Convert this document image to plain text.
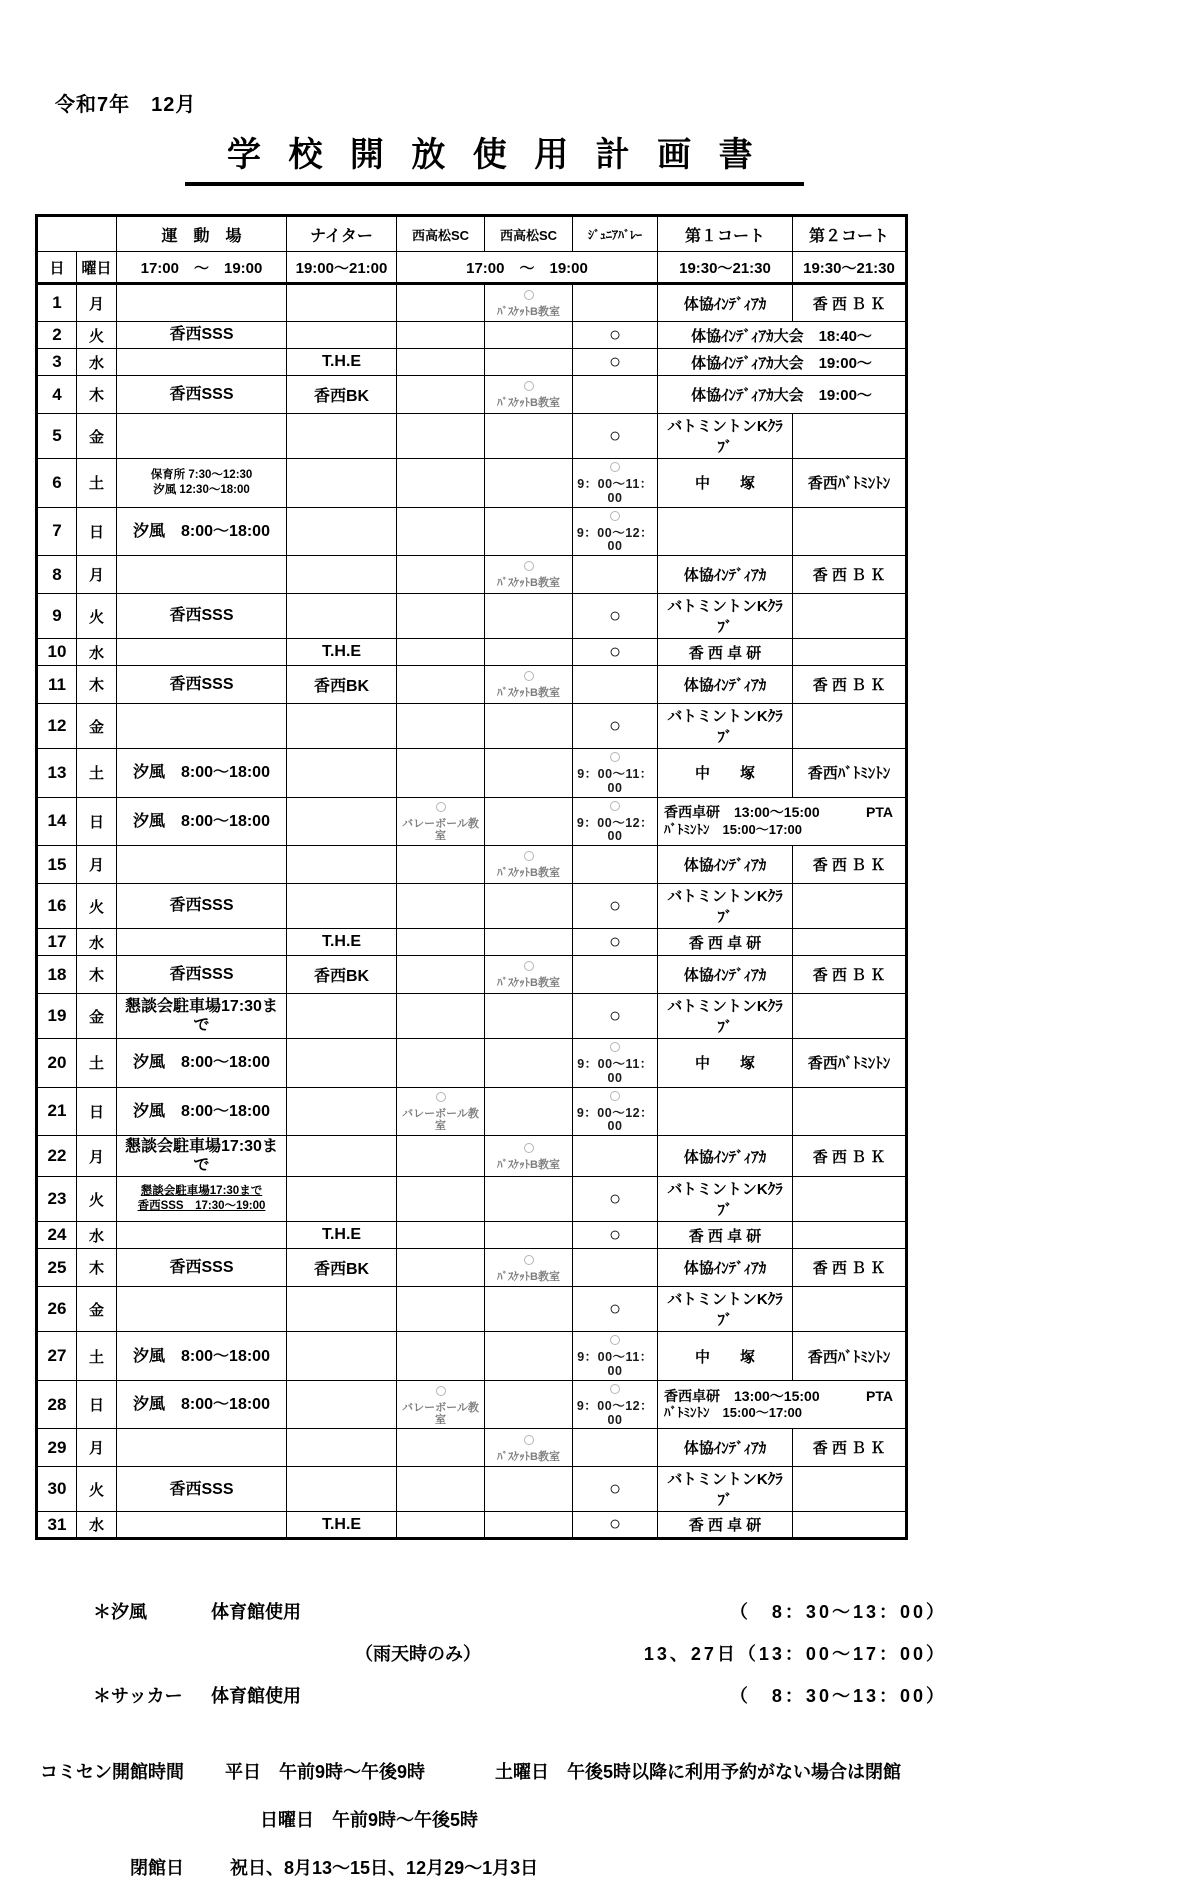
令和7年　12月
学 校 開 放 使 用 計 画 書
		運　動　場	ナイター	西高松SC	西高松SC	ｼﾞｭﾆｱﾊﾞﾚｰ	第１コート	第２コート
日	曜日	17:00　～　19:00	19:00～21:00	17:00　～　19:00			19:30～21:30	19:30～21:30
1	月				ﾊﾞｽｹｯﾄB教室		体協ｲﾝﾃﾞｨｱｶ	香 西 Ｂ Ｋ

2	火	香西SSS				○	体協ｲﾝﾃﾞｨｱｶ大会　18:40～	
3	水		T.H.E			○	体協ｲﾝﾃﾞｨｱｶ大会　19:00～	
4	木	香西SSS	香西BK		ﾊﾞｽｹｯﾄB教室		体協ｲﾝﾃﾞｨｱｶ大会　19:00～	
5	金					○	バトミントンKｸﾗﾌﾞ	

6	土	保育所 7:30～12:30
汐風 12:30～18:00				9：00～11：00	中　　塚	香西ﾊﾞﾄﾐﾝﾄﾝ

7	日	汐風　8:00～18:00				9：00～12：00		

8	月				ﾊﾞｽｹｯﾄB教室		体協ｲﾝﾃﾞｨｱｶ	香 西 Ｂ Ｋ

9	火	香西SSS				○	バトミントンKｸﾗﾌﾞ	

10	水		T.H.E			○	香 西 卓 研	

11	木	香西SSS	香西BK		ﾊﾞｽｹｯﾄB教室		体協ｲﾝﾃﾞｨｱｶ	香 西 Ｂ Ｋ

12	金					○	バトミントンKｸﾗﾌﾞ	

13	土	汐風　8:00～18:00				9：00～11：00	中　　塚	香西ﾊﾞﾄﾐﾝﾄﾝ

14	日	汐風　8:00～18:00		バレーボール教室		9：00～12：00	香西卓研　13:00～15:00 PTA
ﾊﾞﾄﾐﾝﾄﾝ　15:00～17:00	

15	月				ﾊﾞｽｹｯﾄB教室		体協ｲﾝﾃﾞｨｱｶ	香 西 Ｂ Ｋ

16	火	香西SSS				○	バトミントンKｸﾗﾌﾞ	

17	水		T.H.E			○	香 西 卓 研	

18	木	香西SSS	香西BK		ﾊﾞｽｹｯﾄB教室		体協ｲﾝﾃﾞｨｱｶ	香 西 Ｂ Ｋ

19	金	懇談会駐車場17:30まで				○	バトミントンKｸﾗﾌﾞ	

20	土	汐風　8:00～18:00				9：00～11：00	中　　塚	香西ﾊﾞﾄﾐﾝﾄﾝ

21	日	汐風　8:00～18:00		バレーボール教室		9：00～12：00		

22	月	懇談会駐車場17:30まで			ﾊﾞｽｹｯﾄB教室		体協ｲﾝﾃﾞｨｱｶ	香 西 Ｂ Ｋ

23	火	懇談会駐車場17:30まで
香西SSS　17:30～19:00				○	バトミントンKｸﾗﾌﾞ	

24	水		T.H.E			○	香 西 卓 研	

25	木	香西SSS	香西BK		ﾊﾞｽｹｯﾄB教室		体協ｲﾝﾃﾞｨｱｶ	香 西 Ｂ Ｋ

26	金					○	バトミントンKｸﾗﾌﾞ	

27	土	汐風　8:00～18:00				9：00～11：00	中　　塚	香西ﾊﾞﾄﾐﾝﾄﾝ

28	日	汐風　8:00～18:00		バレーボール教室		9：00～12：00	香西卓研　13:00～15:00 PTA
ﾊﾞﾄﾐﾝﾄﾝ　15:00～17:00	

29	月				ﾊﾞｽｹｯﾄB教室		体協ｲﾝﾃﾞｨｱｶ	香 西 Ｂ Ｋ

30	火	香西SSS				○	バトミントンKｸﾗﾌﾞ	

31	水		T.H.E			○	香 西 卓 研	

＊汐風	体育館使用	（　8：30～13：00）
（雨天時のみ）	13、27日（13：00～17：00）
＊サッカー	体育館使用	（　8：30～13：00）
コミセン開館時間	平日　午前9時～午後9時	土曜日　午後5時以降に利用予約がない場合は閉館
日曜日　午前9時～午後5時
閉館日	祝日、8月13～15日、12月29～1月3日
